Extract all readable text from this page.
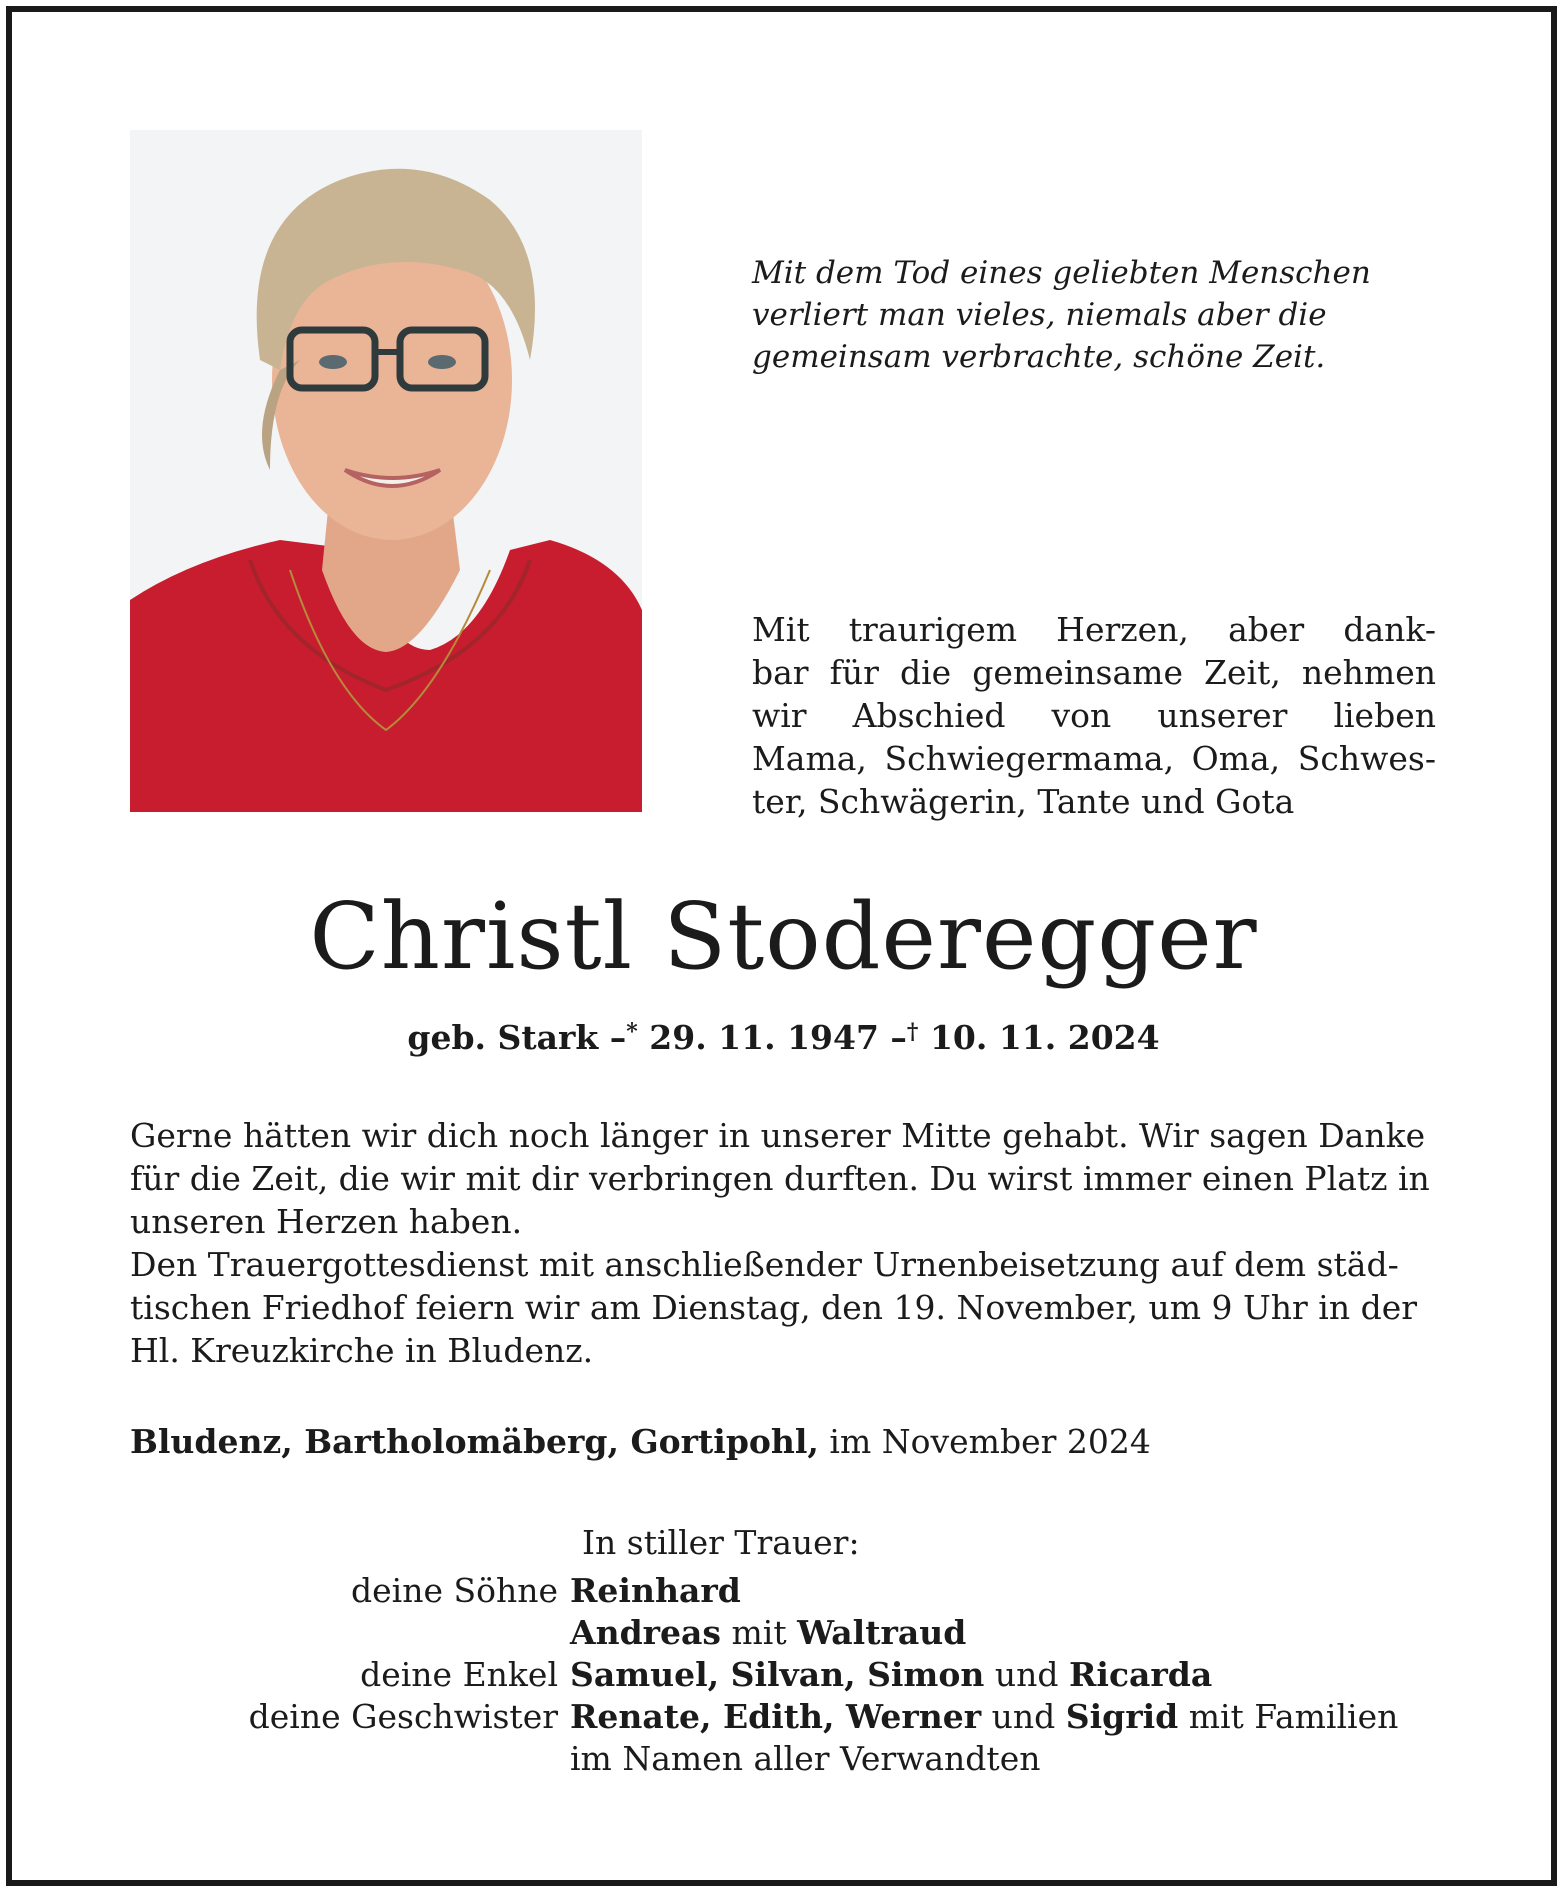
Mit dem Tod eines geliebten Menschen
verliert man vieles, niemals aber die
gemeinsam verbrachte, schöne Zeit.
Mit traurigem Herzen, aber dank-
bar für die gemeinsame Zeit, nehmen
wir Abschied von unserer lieben
Mama, Schwiegermama, Oma, Schwes-
ter, Schwägerin, Tante und Gota
Christl Stoderegger
geb. Stark –* 29. 11. 1947 –† 10. 11. 2024
Gerne hätten wir dich noch länger in unserer Mitte gehabt. Wir sagen Danke
für die Zeit, die wir mit dir verbringen durften. Du wirst immer einen Platz in
unseren Herzen haben.
Den Trauergottesdienst mit anschließender Urnenbeisetzung auf dem städ-
tischen Friedhof feiern wir am Dienstag, den 19. November, um 9 Uhr in der
Hl. Kreuzkirche in Bludenz.
Bludenz, Bartholomäberg, Gortipohl, im November 2024
In stiller Trauer:
deine Söhne Reinhard
Andreas mit Waltraud
deine Enkel Samuel, Silvan, Simon und Ricarda
deine Geschwister Renate, Edith, Werner und Sigrid mit Familien
im Namen aller Verwandten
